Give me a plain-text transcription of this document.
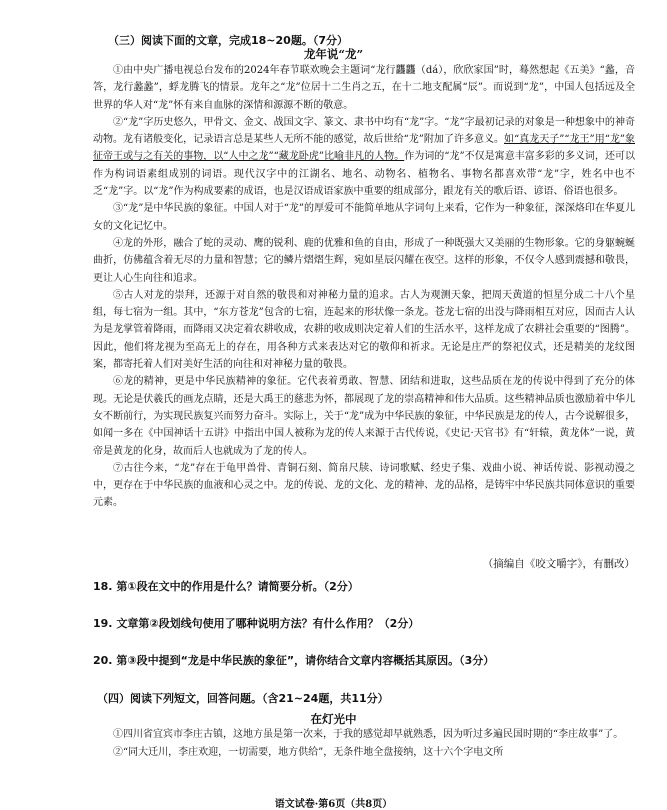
（三）阅读下面的文章，完成18~20题。（7分）
龙年说“龙”

①由中央广播电视总台发布的2024年春节联欢晚会主题词“龙行龘龘（dá），欣欣家国”时，蓦然想起《五美》“蠡，音答，龙行蠡蠡”，蜉龙腾飞的情景。龙年之“龙”位居十二生肖之五，在十二地支配属“辰”。而说到“龙”，中国人包括远及全世界的华人对“龙”怀有来自血脉的深情和源源不断的敬意。

②“龙”字历史悠久，甲骨文、金文、战国文字、篆文、隶书中均有“龙”字。“龙”字最初记录的对象是一种想象中的神奇动物。龙有诸般变化，记录语言总是某些人无所不能的感觉，故后世给“龙”附加了许多意义。如“真龙天子”“龙王”用“龙”象征帝王或与之有关的事物，以“人中之龙”“藏龙卧虎”比喻非凡的人物。作为词的“龙”不仅是寓意丰富多彩的多义词，还可以作为构词语素组成别的词语。现代汉字中的江湖名、地名、动物名、植物名、事物名都喜欢带“龙”字，姓名中也不乏“龙”字。以“龙”作为构成要素的成语，也是汉语成语家族中重要的组成部分，跟龙有关的歌后语、谚语、俗语也很多。

③“龙”是中华民族的象征。中国人对于“龙”的厚爱可不能简单地从字词句上来看，它作为一种象征，深深烙印在华夏儿女的文化记忆中。

④龙的外形，融合了蛇的灵动、鹰的锐利、鹿的优雅和鱼的自由，形成了一种既强大又美丽的生物形象。它的身躯蜿蜒曲折，仿佛蕴含着无尽的力量和智慧；它的鳞片熠熠生辉，宛如星辰闪耀在夜空。这样的形象，不仅令人感到震撼和敬畏，更让人心生向往和追求。

⑤古人对龙的崇拜，还源于对自然的敬畏和对神秘力量的追求。古人为观测天象，把周天黄道的恒星分成二十八个星组，每七宿为一组。其中，“东方苍龙”包含的七宿，连起来的形状像一条龙。苍龙七宿的出没与降雨相互对应，因而古人认为是龙掌管着降雨，而降雨又决定着农耕收成，农耕的收成则决定着人们的生活水平，这样龙成了农耕社会重要的“图腾”。因此，他们将龙视为至高无上的存在，用各种方式来表达对它的敬仰和祈求。无论是庄严的祭祀仪式，还是精美的龙纹图案，都寄托着人们对美好生活的向往和对神秘力量的敬畏。

⑥龙的精神，更是中华民族精神的象征。它代表着勇敢、智慧、团结和进取，这些品质在龙的传说中得到了充分的体现。无论是伏羲氏的画龙点睛，还是大禹王的慈悲为怀，都展现了龙的崇高精神和伟大品质。这些精神品质也激励着中华儿女不断前行，为实现民族复兴而努力奋斗。实际上，关于“龙”成为中华民族的象征，中华民族是龙的传人，古今说解很多，如闻一多在《中国神话十五讲》中指出中国人被称为龙的传人来源于古代传说，《史记·天官书》有“轩辕，黄龙体”一说，黄帝是黄龙的化身，故而后人也就成为了龙的传人。

⑦古往今来，“龙”存在于龟甲兽骨、青铜石刻、简帛尺牍、诗词歌赋、经史子集、戏曲小说、神话传说、影视动漫之中，更存在于中华民族的血液和心灵之中。龙的传说、龙的文化、龙的精神、龙的品格，是铸牢中华民族共同体意识的重要元素。

（摘编自《咬文嚼字》，有删改）
18. 第①段在文中的作用是什么？请简要分析。（2分）
19. 文章第②段划线句使用了哪种说明方法？有什么作用？（2分）
20. 第③段中提到“龙是中华民族的象征”，请你结合文章内容概括其原因。（3分）
（四）阅读下列短文，回答问题。（含21~24题，共11分）
在灯光中

①四川省宜宾市李庄古镇，这地方虽是第一次来，于我的感觉却早就熟悉，因为听过多遍民国时期的“李庄故事”了。

②“同大迁川，李庄欢迎，一切需要，地方供给”，无条件地全盘接纳，这十六个字电文所

语文试卷·第6页（共8页）
